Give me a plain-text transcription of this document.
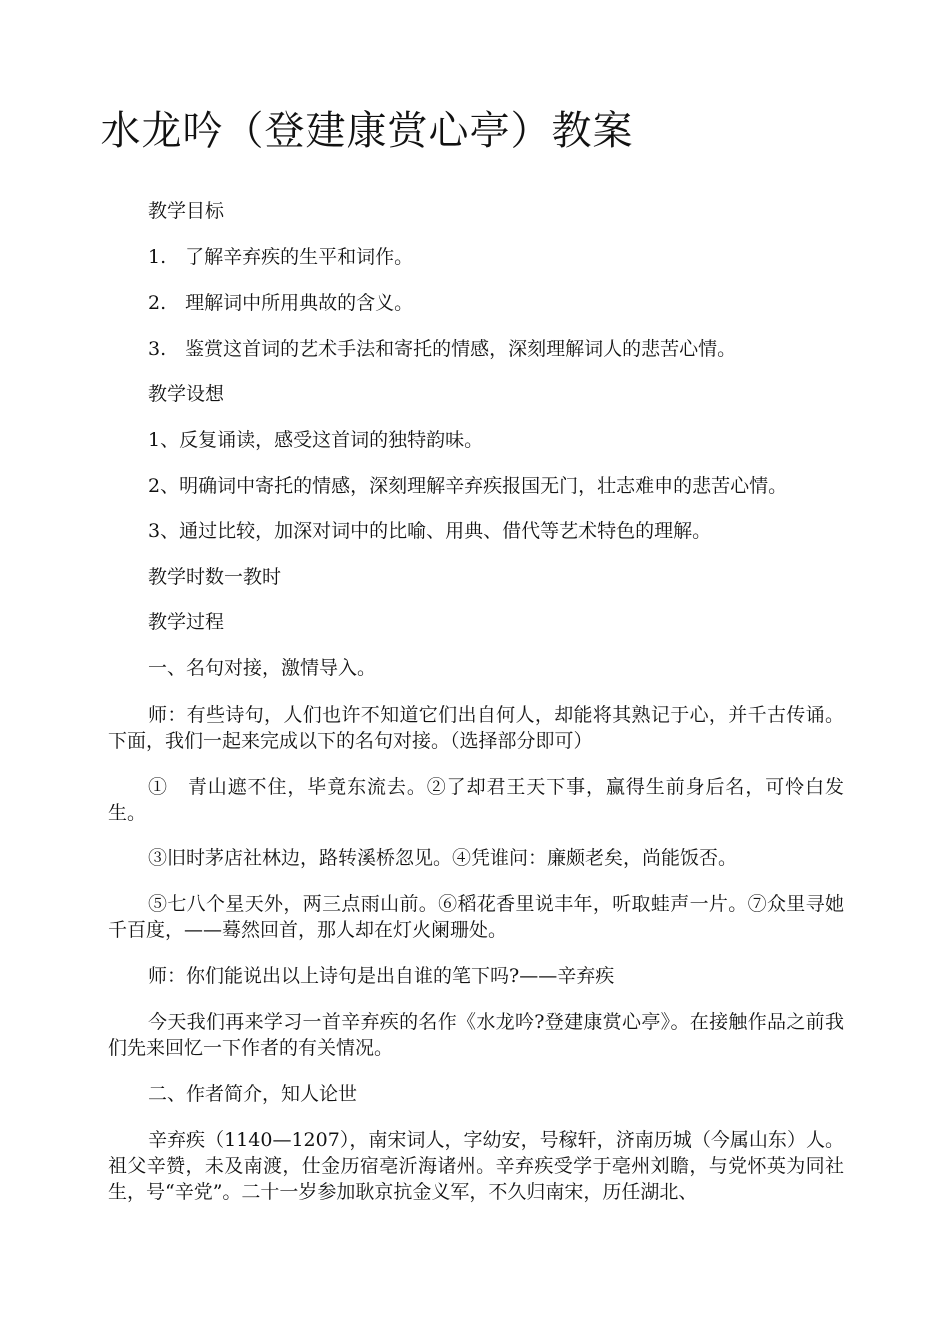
水龙吟（登建康赏心亭）教案

教学目标

1.　了解辛弃疾的生平和词作。

2.　理解词中所用典故的含义。

3.　鉴赏这首词的艺术手法和寄托的情感，深刻理解词人的悲苦心情。

教学设想

1、反复诵读，感受这首词的独特韵味。

2、明确词中寄托的情感，深刻理解辛弃疾报国无门，壮志难申的悲苦心情。

3、通过比较，加深对词中的比喻、用典、借代等艺术特色的理解。

教学时数一教时

教学过程

一、名句对接，激情导入。

师：有些诗句，人们也许不知道它们出自何人，却能将其熟记于心，并千古传诵。下面，我们一起来完成以下的名句对接。（选择部分即可）

①　青山遮不住，毕竟东流去。②了却君王天下事，赢得生前身后名，可怜白发生。

③旧时茅店社林边，路转溪桥忽见。④凭谁问：廉颇老矣，尚能饭否。

⑤七八个星天外，两三点雨山前。⑥稻花香里说丰年，听取蛙声一片。⑦众里寻她千百度，——蓦然回首，那人却在灯火阑珊处。

师：你们能说出以上诗句是出自谁的笔下吗?——辛弃疾

今天我们再来学习一首辛弃疾的名作《水龙吟?登建康赏心亭》。在接触作品之前我们先来回忆一下作者的有关情况。

二、作者简介，知人论世

辛弃疾（1140—1207），南宋词人，字幼安，号稼轩，济南历城（今属山东）人。祖父辛赞，未及南渡，仕金历宿亳沂海诸州。辛弃疾受学于亳州刘瞻，与党怀英为同社生，号“辛党”。二十一岁参加耿京抗金义军，不久归南宋，历任湖北、
